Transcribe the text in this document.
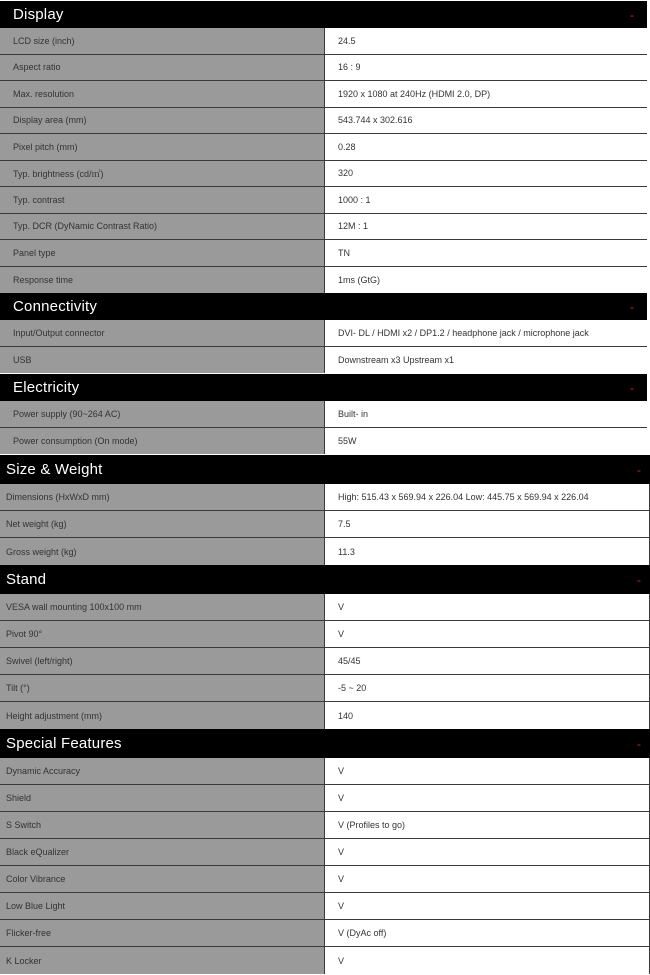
Display	-
LCD size (inch)	24.5
Aspect ratio	16 : 9
Max. resolution	1920 x 1080 at 240Hz (HDMI 2.0, DP)
Display area (mm)	543.744 x 302.616
Pixel pitch (mm)	0.28
Typ. brightness (cd/㎡)	320
Typ. contrast	1000 : 1
Typ. DCR (DyNamic Contrast Ratio)	12M : 1
Panel type	TN
Response time	1ms (GtG)
Connectivity	-
Input/Output connector	DVI- DL / HDMI x2 / DP1.2 / headphone jack / microphone jack
USB	Downstream x3 Upstream x1
Electricity	-
Power supply (90~264 AC)	Built- in
Power consumption (On mode)	55W
Size & Weight	-
Dimensions (HxWxD mm)	High: 515.43 x 569.94 x 226.04 Low: 445.75 x 569.94 x 226.04
Net weight (kg)	7.5
Gross weight (kg)	11.3
Stand	-
VESA wall mounting 100x100 mm	V
Pivot 90°	V
Swivel (left/right)	45/45
Tilt (°)	-5 ~ 20
Height adjustment (mm)	140
Special Features	-
Dynamic Accuracy	V
Shield	V
S Switch	V (Profiles to go)
Black eQualizer	V
Color Vibrance	V
Low Blue Light	V
Flicker-free	V (DyAc off)
K Locker	V
